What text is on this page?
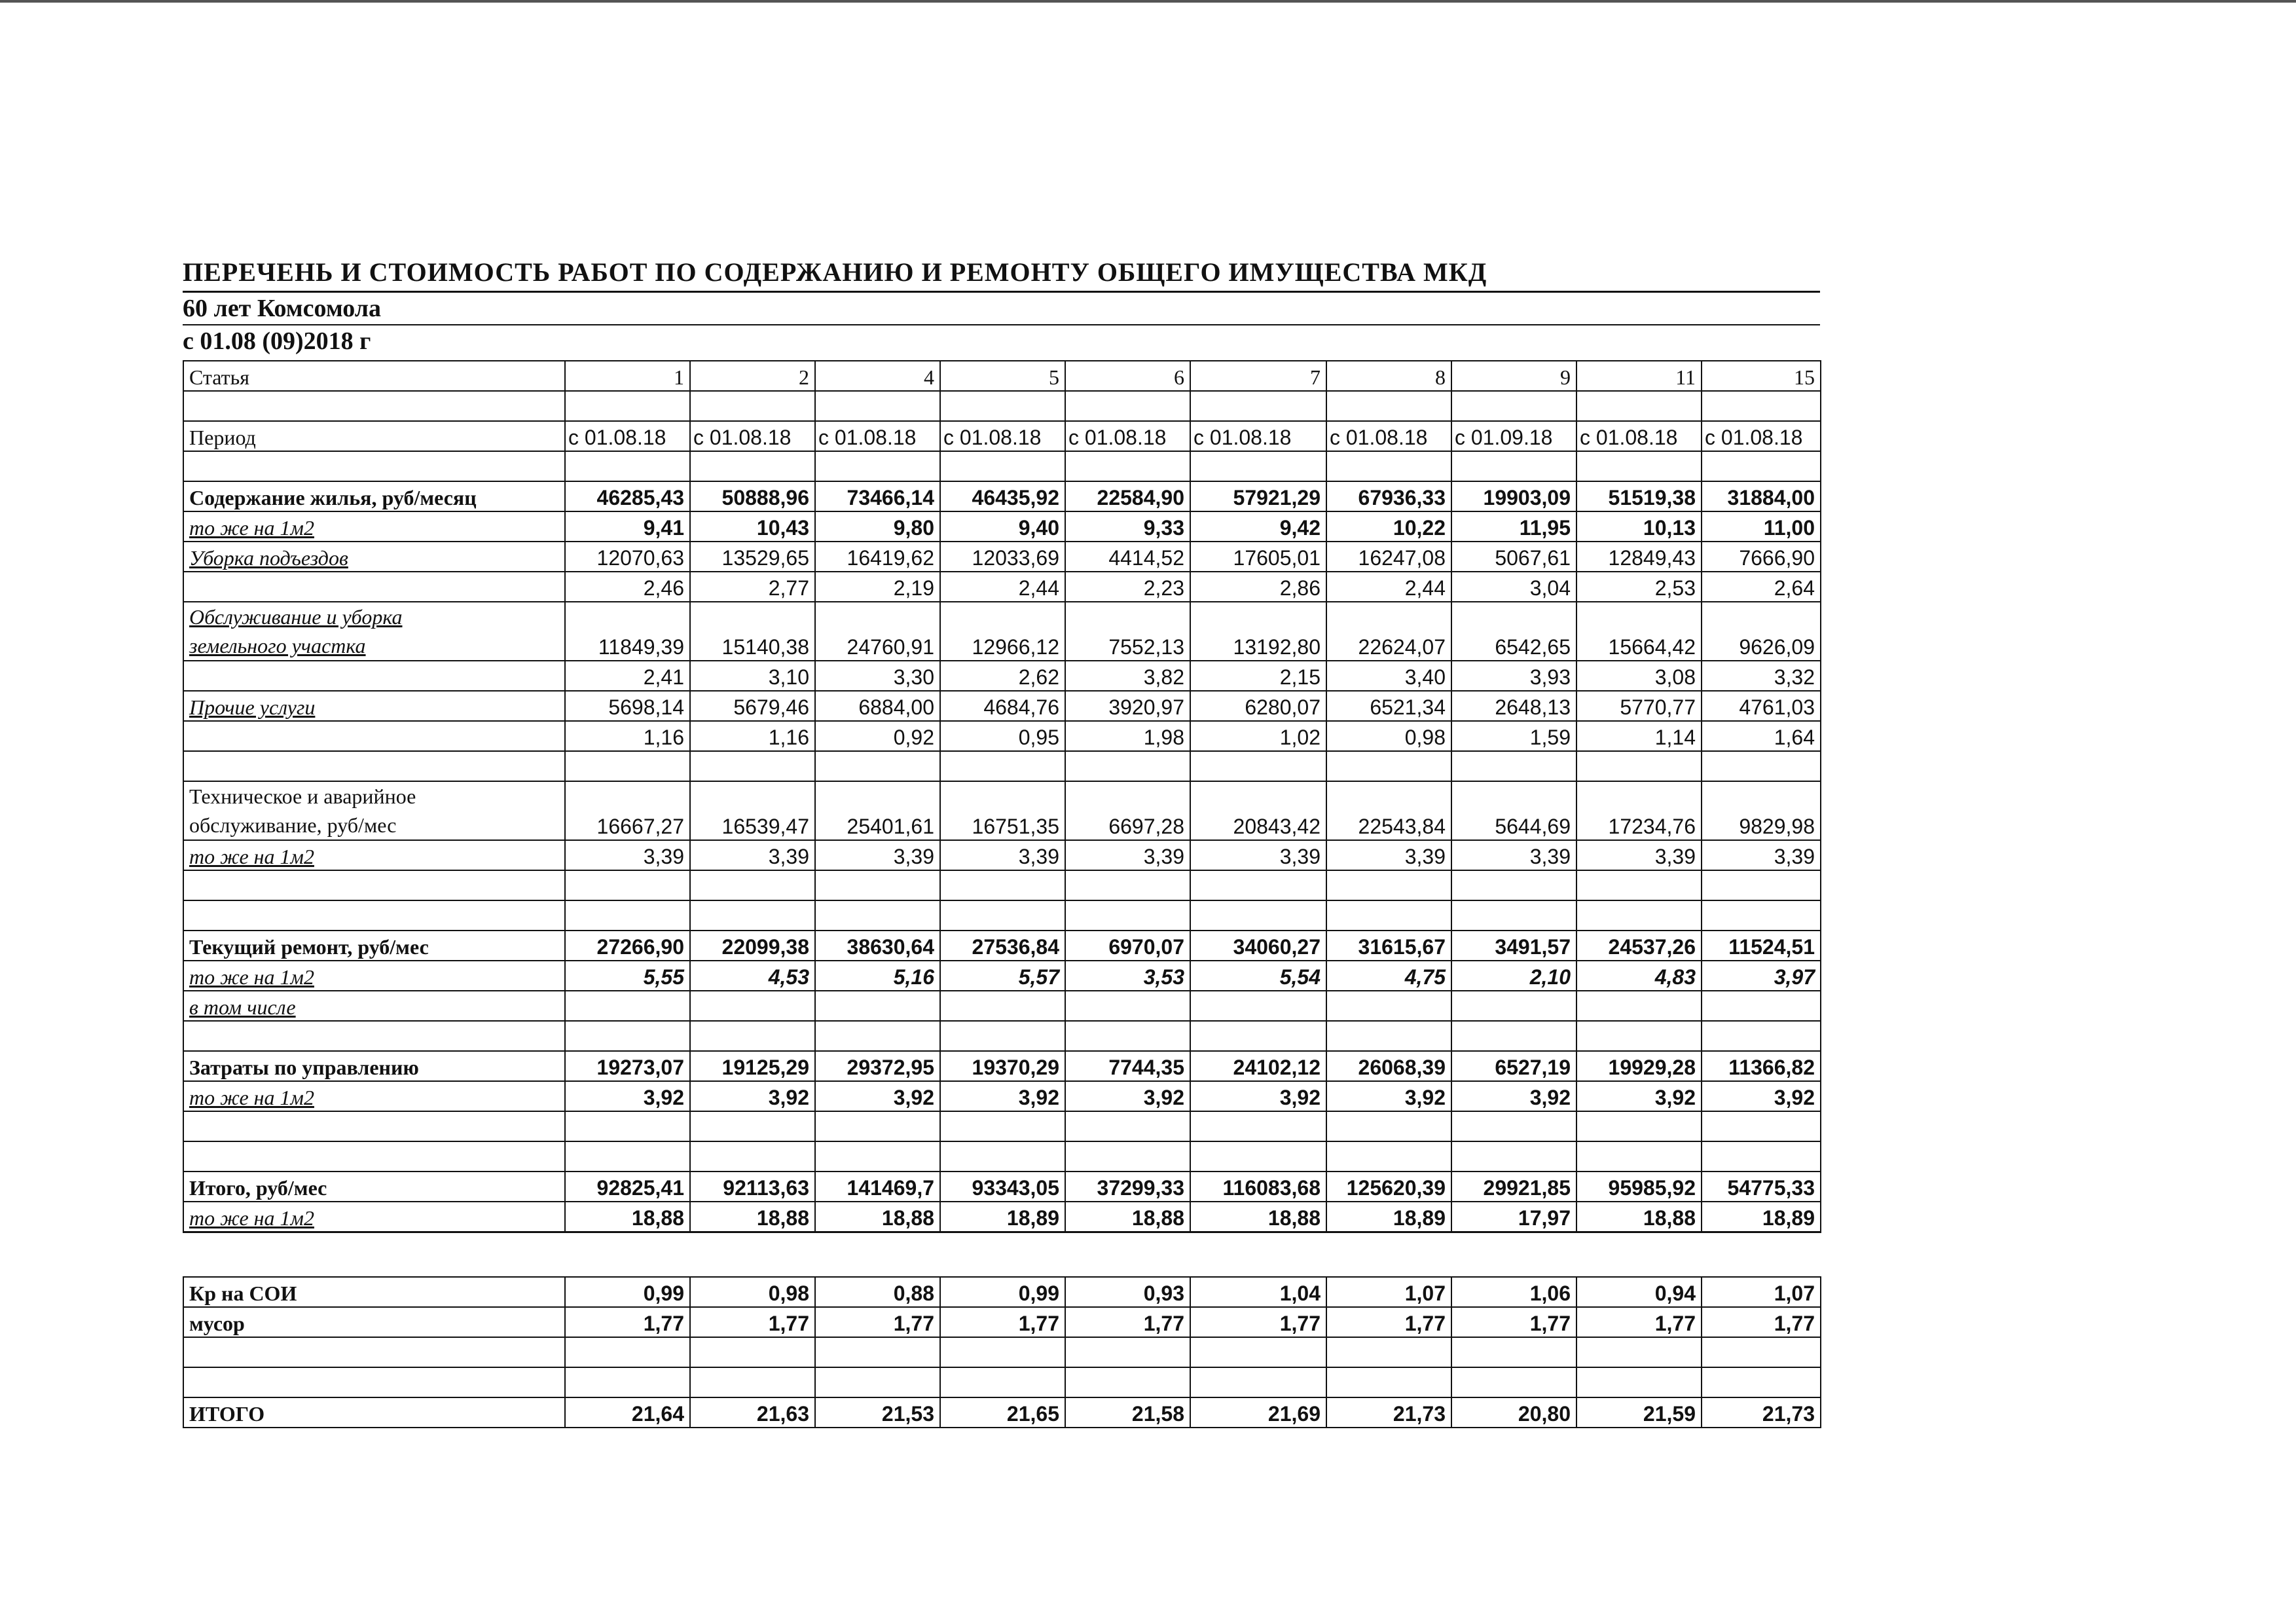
ПЕРЕЧЕНЬ И СТОИМОСТЬ РАБОТ ПО СОДЕРЖАНИЮ И РЕМОНТУ ОБЩЕГО ИМУЩЕСТВА МКД
60 лет Комсомола
с 01.08 (09)2018 г
Статья	1	2	4	5	6	7	8	9	11	15

Период	с 01.08.18	с 01.08.18	с 01.08.18	с 01.08.18	с 01.08.18	с 01.08.18	с 01.08.18	с 01.09.18	с 01.08.18	с 01.08.18

Содержание жилья, руб/месяц	46285,43	50888,96	73466,14	46435,92	22584,90	57921,29	67936,33	19903,09	51519,38	31884,00
то же на 1м2	9,41	10,43	9,80	9,40	9,33	9,42	10,22	11,95	10,13	11,00
Уборка подъездов	12070,63	13529,65	16419,62	12033,69	4414,52	17605,01	16247,08	5067,61	12849,43	7666,90
	2,46	2,77	2,19	2,44	2,23	2,86	2,44	3,04	2,53	2,64

Обслуживание и уборка
земельного участка	11849,39	15140,38	24760,91	12966,12	7552,13	13192,80	22624,07	6542,65	15664,42	9626,09
	2,41	3,10	3,30	2,62	3,82	2,15	3,40	3,93	3,08	3,32
Прочие услуги	5698,14	5679,46	6884,00	4684,76	3920,97	6280,07	6521,34	2648,13	5770,77	4761,03
	1,16	1,16	0,92	0,95	1,98	1,02	0,98	1,59	1,14	1,64

Техническое и аварийное
обслуживание, руб/мес	16667,27	16539,47	25401,61	16751,35	6697,28	20843,42	22543,84	5644,69	17234,76	9829,98
то же на 1м2	3,39	3,39	3,39	3,39	3,39	3,39	3,39	3,39	3,39	3,39

Текущий ремонт, руб/мес	27266,90	22099,38	38630,64	27536,84	6970,07	34060,27	31615,67	3491,57	24537,26	11524,51
то же на 1м2	5,55	4,53	5,16	5,57	3,53	5,54	4,75	2,10	4,83	3,97
в том числе										

Затраты по управлению	19273,07	19125,29	29372,95	19370,29	7744,35	24102,12	26068,39	6527,19	19929,28	11366,82
то же на 1м2	3,92	3,92	3,92	3,92	3,92	3,92	3,92	3,92	3,92	3,92

Итого, руб/мес	92825,41	92113,63	141469,7	93343,05	37299,33	116083,68	125620,39	29921,85	95985,92	54775,33
то же на 1м2	18,88	18,88	18,88	18,89	18,88	18,88	18,89	17,97	18,88	18,89
Кр на СОИ	0,99	0,98	0,88	0,99	0,93	1,04	1,07	1,06	0,94	1,07
мусор	1,77	1,77	1,77	1,77	1,77	1,77	1,77	1,77	1,77	1,77

ИТОГО	21,64	21,63	21,53	21,65	21,58	21,69	21,73	20,80	21,59	21,73
